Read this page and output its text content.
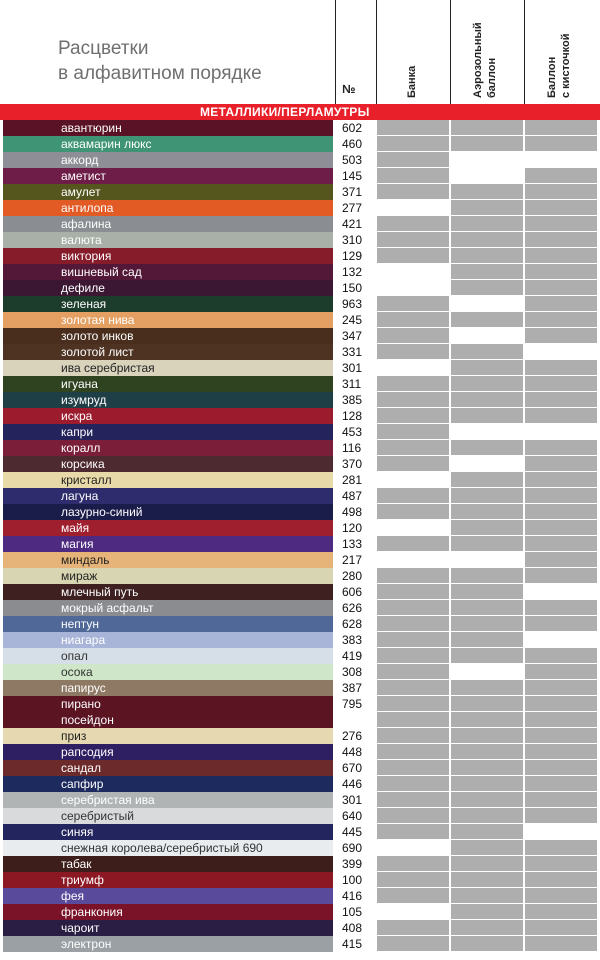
Расцветки
в алфавитном порядке
№	Банка	Аэрозольный баллон	Баллон с кисточкой
МЕТАЛЛИКИ/ПЕРЛАМУТРЫ
авантюрин	602
аквамарин люкс	460
аккорд	503
аметист	145
амулет	371
антилопа	277
афалина	421
валюта	310
виктория	129
вишневый сад	132
дефиле	150
зеленая	963
золотая нива	245
золото инков	347
золотой лист	331
ива серебристая	301
игуана	311
изумруд	385
искра	128
капри	453
коралл	116
корсика	370
кристалл	281
лагуна	487
лазурно-синий	498
майя	120
магия	133
миндаль	217
мираж	280
млечный путь	606
мокрый асфальт	626
нептун	628
ниагара	383
опал	419
осока	308
папирус	387
пирано	795
посейдон
приз	276
рапсодия	448
сандал	670
сапфир	446
серебристая ива	301
серебристый	640
синяя	445
снежная королева/серебристый 690	690
табак	399
триумф	100
фея	416
франкония	105
чароит	408
электрон	415
